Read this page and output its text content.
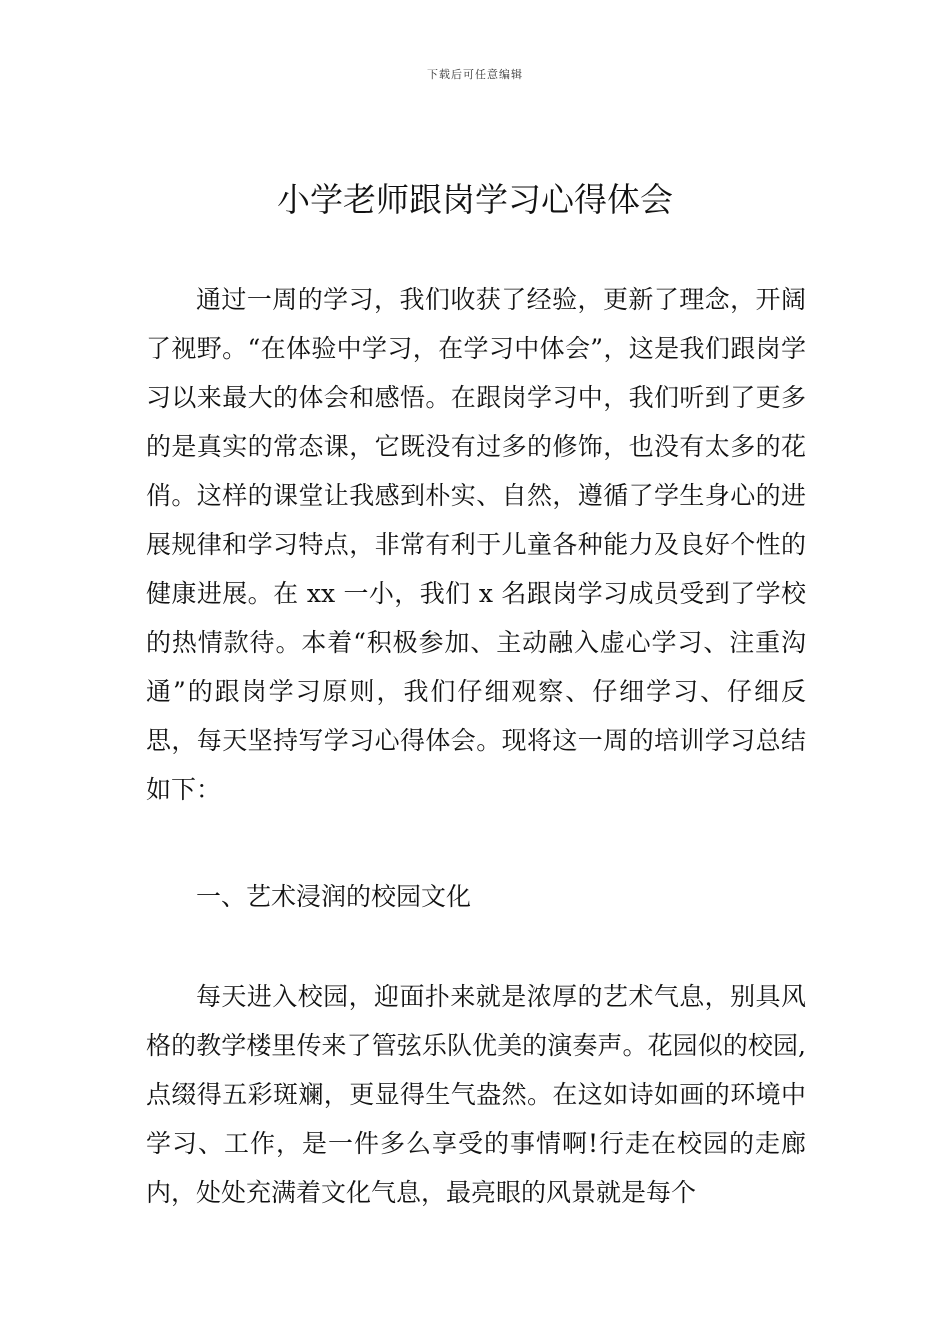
下载后可任意编辑
小学老师跟岗学习心得体会

通过一周的学习，我们收获了经验，更新了理念，开阔了视野。“在体验中学习，在学习中体会”，这是我们跟岗学习以来最大的体会和感悟。在跟岗学习中，我们听到了更多的是真实的常态课，它既没有过多的修饰，也没有太多的花俏。这样的课堂让我感到朴实、自然，遵循了学生身心的进展规律和学习特点，非常有利于儿童各种能力及良好个性的健康进展。在 xx 一小，我们 x 名跟岗学习成员受到了学校的热情款待。本着“积极参加、主动融入虚心学习、注重沟通”的跟岗学习原则，我们仔细观察、仔细学习、仔细反思，每天坚持写学习心得体会。现将这一周的培训学习总结如下：

一、艺术浸润的校园文化

每天进入校园，迎面扑来就是浓厚的艺术气息，别具风格的教学楼里传来了管弦乐队优美的演奏声。花园似的校园,点缀得五彩斑斓，更显得生气盎然。在这如诗如画的环境中学习、工作，是一件多么享受的事情啊!行走在校园的走廊内，处处充满着文化气息，最亮眼的风景就是每个
